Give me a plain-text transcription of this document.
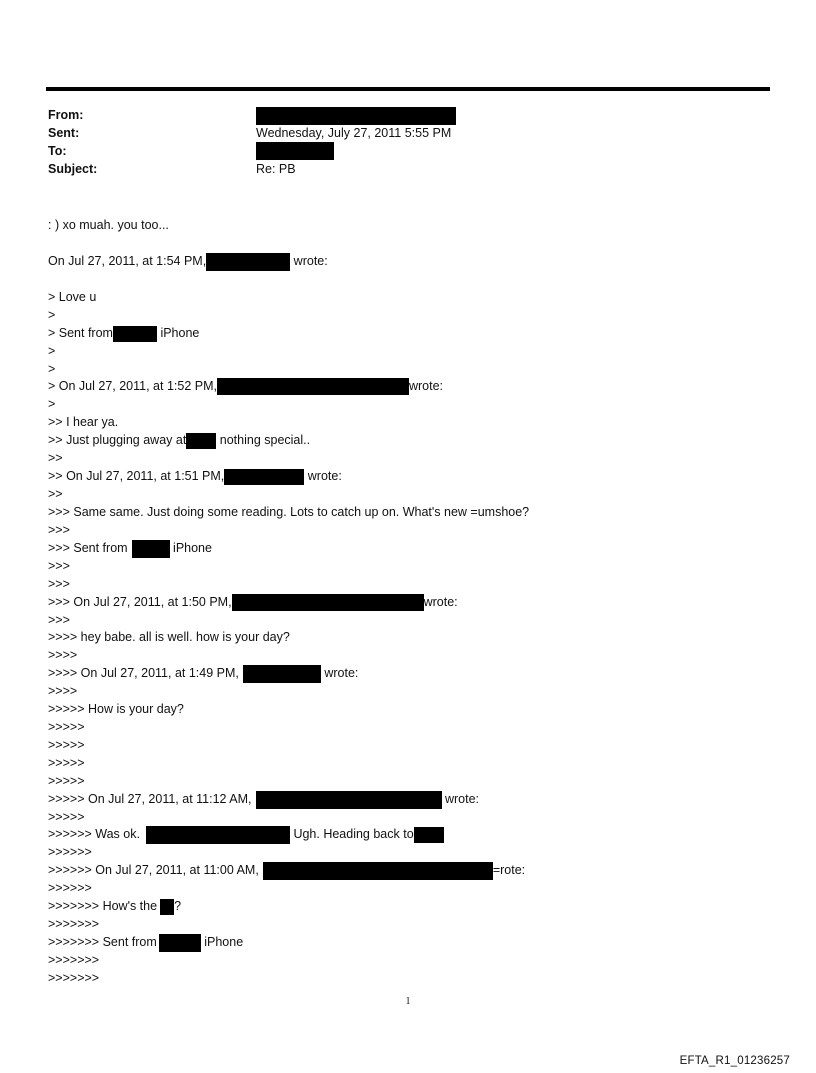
From:
Sent:	Wednesday, July 27, 2011 5:55 PM
To:
Subject:	Re: PB
: ) xo muah. you too...
On Jul 27, 2011, at 1:54 PM,	wrote:
> Love u
>
> Sent from	iPhone
>
>
> On Jul 27, 2011, at 1:52 PM,	wrote:
>
>> I hear ya.
>> Just plugging away at nothing special..
>>
>> On Jul 27, 2011, at 1:51 PM,	wrote:
>>
>>> Same same. Just doing some reading. Lots to catch up on. What's new =umshoe?
>>>
>>> Sent from	iPhone
>>>
>>>
>>> On Jul 27, 2011, at 1:50 PM,	wrote:
>>>
>>>> hey babe. all is well. how is your day?
>>>>
>>>> On Jul 27, 2011, at 1:49 PM,	wrote:
>>>>
>>>>> How is your day?
>>>>>
>>>>>
>>>>>
>>>>>
>>>>> On Jul 27, 2011, at 11:12 AM,	wrote:
>>>>>
>>>>>> Was ok.	Ugh. Heading back to
>>>>>>
>>>>>> On Jul 27, 2011, at 11:00 AM,	=rote:
>>>>>>
>>>>>>> How's the ?
>>>>>>>
>>>>>>> Sent from	iPhone
>>>>>>>
>>>>>>>
1
EFTA_R1_01236257
